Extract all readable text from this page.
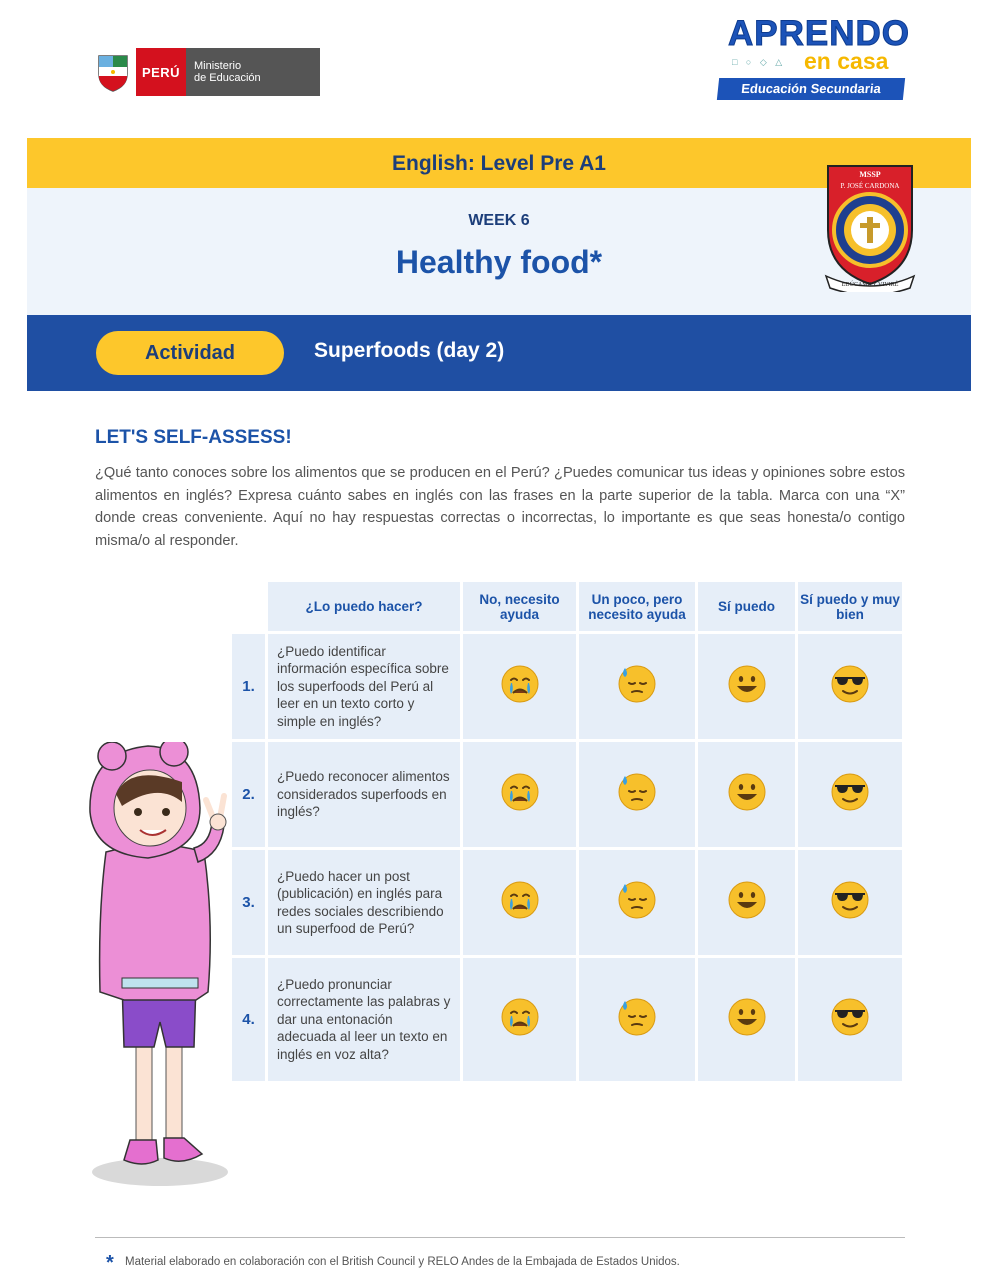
PERÚ	Ministerio
de Educación
APRENDO
□ ○ ◇ △ en casa
Educación Secundaria
English: Level Pre A1
WEEK 6
Healthy food*
MSSP
P. JOSÉ CARDONA
EDÚCAME Y VIVIRÉ
Actividad	Superfoods (day 2)
LET'S SELF-ASSESS!
¿Qué tanto conoces sobre los alimentos que se producen en el Perú? ¿Puedes comunicar tus ideas y opiniones sobre estos alimentos en inglés? Expresa cuánto sabes en inglés con las frases en la parte superior de la tabla. Marca con una “X” donde creas conveniente. Aquí no hay respuestas correctas o incorrectas, lo importante es que seas honesta/o contigo misma/o al responder.
	¿Lo puedo hacer?	No, necesito ayuda	Un poco, pero necesito ayuda	Sí puedo	Sí puedo y muy bien
1.	¿Puedo identificar información específica sobre los superfoods del Perú al leer en un texto corto y simple en inglés?				
2.	¿Puedo reconocer alimentos considerados superfoods en inglés?				
3.	¿Puedo hacer un post (publicación) en inglés para redes sociales describiendo un superfood de Perú?				
4.	¿Puedo pronunciar correctamente las palabras y dar una entonación adecuada al leer un texto en inglés en voz alta?				
* Material elaborado en colaboración con el British Council y RELO Andes de la Embajada de Estados Unidos.
